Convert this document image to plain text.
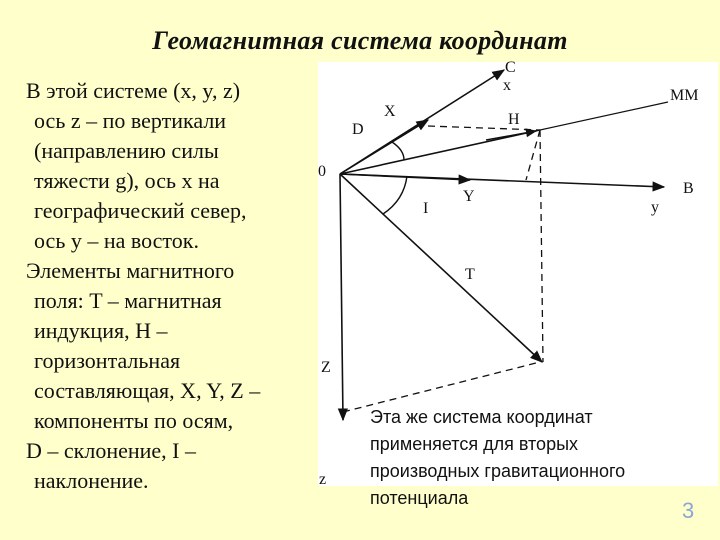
Геомагнитная система координат

В этой системе (x, y, z)
ось z – по вертикали
(направлению силы
тяжести g), ось x на
географический север,
ось y – на восток.

Элементы магнитного
поля: T – магнитная
индукция, H –
горизонтальная
составляющая, X, Y, Z –
компоненты по осям,
D – склонение, I –
наклонение.

0
C
x
MM
X	H
D
Y
I
B
y
T
Z
z
Эта же система координат
применяется для вторых
производных гравитационного
потенциала	3
